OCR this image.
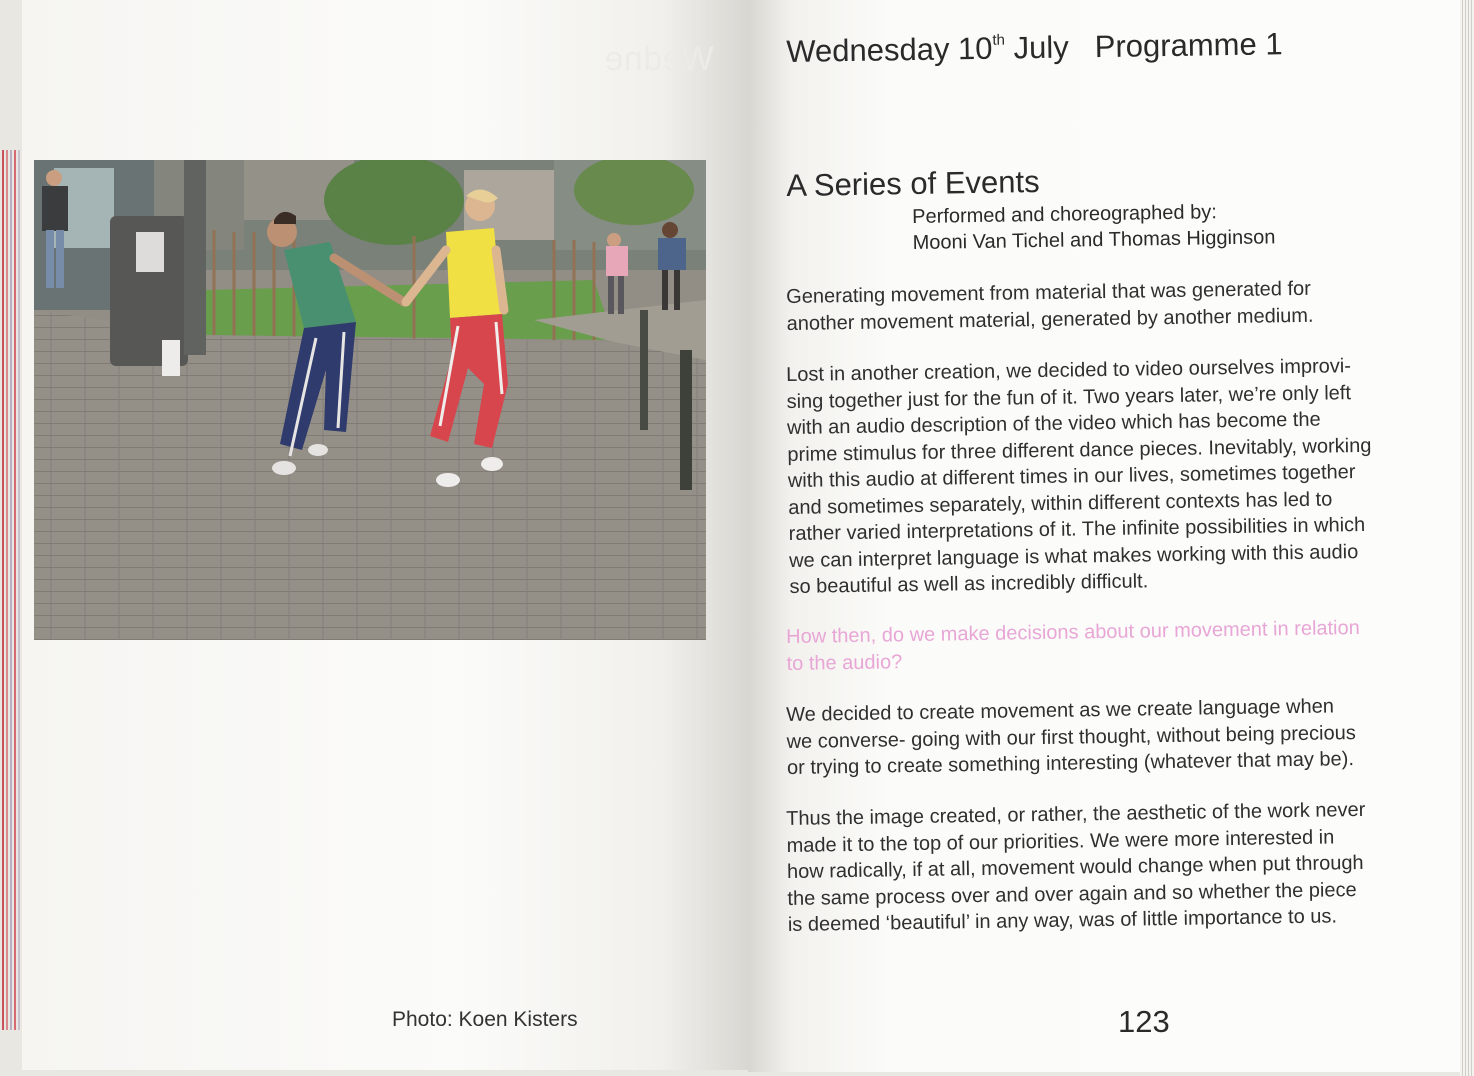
Wedne
Photo: Koen Kisters
Wednesday 10th July Programme 1
A Series of Events
Performed and choreographed by:
Mooni Van Tichel and Thomas Higginson
Generating movement from material that was generated for
another movement material, generated by another medium.
Lost in another creation, we decided to video ourselves improvi-
sing together just for the fun of it. Two years later, we’re only left
with an audio description of the video which has become the
prime stimulus for three different dance pieces. Inevitably, working
with this audio at different times in our lives, sometimes together
and sometimes separately, within different contexts has led to
rather varied interpretations of it. The infinite possibilities in which
we can interpret language is what makes working with this audio
so beautiful as well as incredibly difficult.
How then, do we make decisions about our movement in relation
to the audio?
We decided to create movement as we create language when
we converse- going with our first thought, without being precious
or trying to create something interesting (whatever that may be).
Thus the image created, or rather, the aesthetic of the work never
made it to the top of our priorities. We were more interested in
how radically, if at all, movement would change when put through
the same process over and over again and so whether the piece
is deemed ‘beautiful’ in any way, was of little importance to us.
123
